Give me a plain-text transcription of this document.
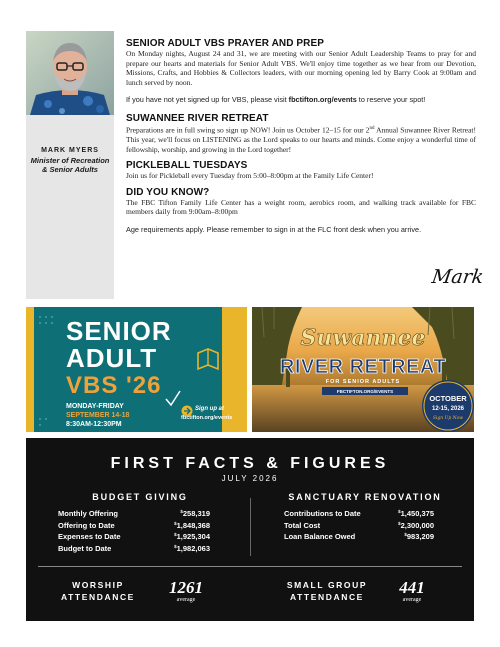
MARK MYERS
Minister of Recreation
& Senior Adults
SENIOR ADULT VBS PRAYER AND PREP

On Monday nights, August 24 and 31, we are meeting with our Senior Adult Leadership Teams to pray for and prepare our hearts and materials for Senior Adult VBS. We'll enjoy time together as we hear from our Devotion, Missions, Crafts, and Hobbies & Collectors leaders, with our morning opening led by Barry Cook at 9:00am and lunch served by noon.

If you have not yet signed up for VBS, please visit fbctifton.org/events to reserve your spot!

SUWANNEE RIVER RETREAT

Preparations are in full swing so sign up NOW! Join us October 12–15 for our 2nd Annual Suwannee River Retreat! This year, we'll focus on LISTENING as the Lord speaks to our hearts and minds. Come enjoy a wonderful time of fellowship, worship, and growing in the Lord together!

PICKLEBALL TUESDAYS

Join us for Pickleball every Tuesday from 5:00–8:00pm at the Family Life Center!

DID YOU KNOW?

The FBC Tifton Family Life Center has a weight room, aerobics room, and walking track available for FBC members daily from 9:00am–8:00pm

Age requirements apply. Please remember to sign in at the FLC front desk when you arrive.

Mark
SENIOR
ADULT
VBS '26
MONDAY-FRIDAY
SEPTEMBER 14-18
8:30AM-12:30PM
Sign up at
fbctifton.org/events
Suwannee
RIVER RETREAT
FOR SENIOR ADULTS
FBCTIFTON.ORG/EVENTS
OCTOBER
12-15, 2026
Sign Up Now
FIRST FACTS & FIGURES
JULY 2026
BUDGET GIVING	SANCTUARY RENOVATION
Monthly Offering	$258,319
Offering to Date	$1,848,368
Expenses to Date	$1,925,304
Budget to Date	$1,982,063
Contributions to Date	$1,450,375
Total Cost	$2,300,000
Loan Balance Owed	$983,209
WORSHIP
ATTENDANCE	1261
average
SMALL GROUP
ATTENDANCE	441
average
